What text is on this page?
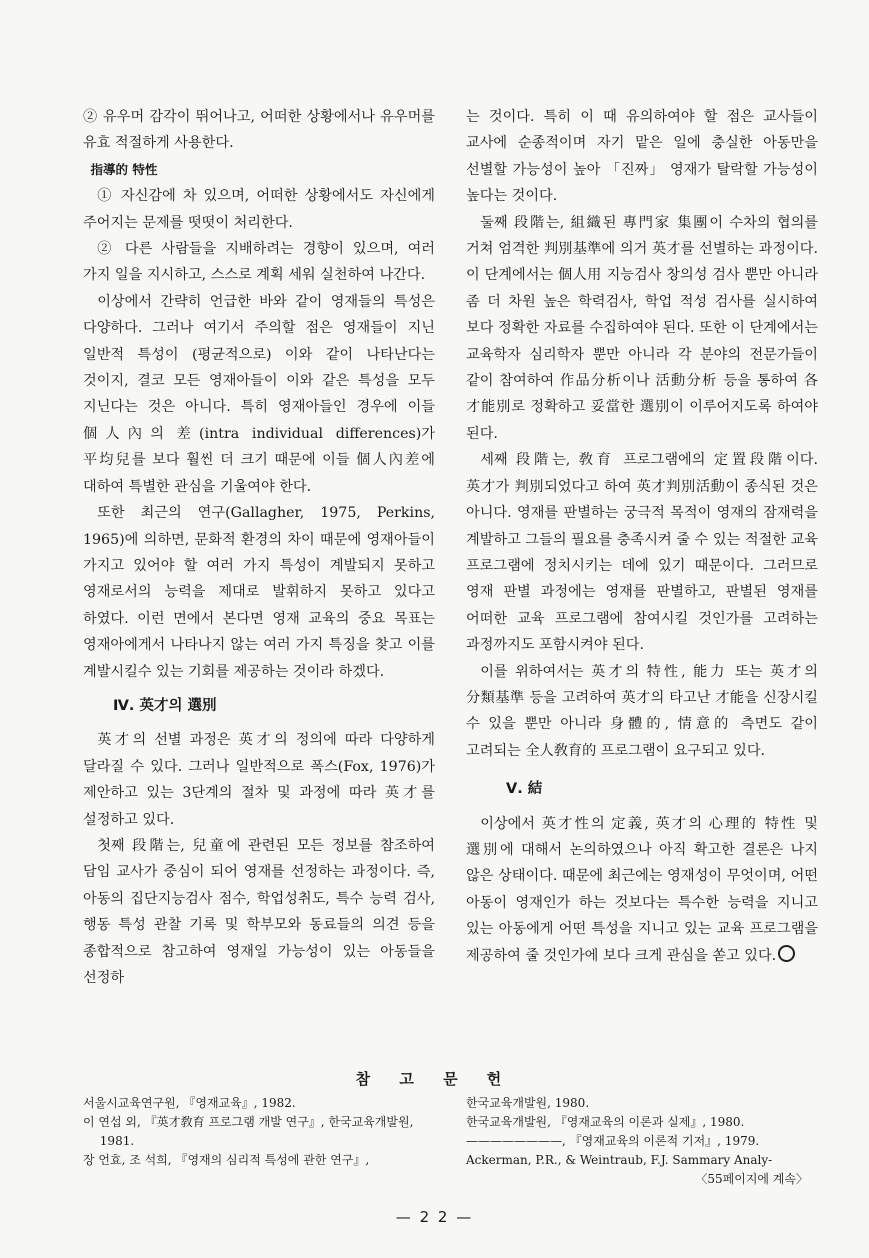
② 유우머 감각이 뛰어나고, 어떠한 상황에서나 유우머를 유효 적절하게 사용한다.

指導的 特性

① 자신감에 차 있으며, 어떠한 상황에서도 자신에게 주어지는 문제를 떳떳이 처리한다.

② 다른 사람들을 지배하려는 경향이 있으며, 여러 가지 일을 지시하고, 스스로 계획 세워 실천하여 나간다.

이상에서 간략히 언급한 바와 같이 영재들의 특성은 다양하다. 그러나 여기서 주의할 점은 영재들이 지닌 일반적 특성이 (평균적으로) 이와 같이 나타난다는 것이지, 결코 모든 영재아들이 이와 같은 특성을 모두 지닌다는 것은 아니다. 특히 영재아들인 경우에 이들 個人內의 差(intra individual differences)가 平均兒를 보다 훨씬 더 크기 때문에 이들 個人內差에 대하여 특별한 관심을 기울여야 한다.

또한 최근의 연구(Gallagher, 1975, Perkins, 1965)에 의하면, 문화적 환경의 차이 때문에 영재아들이 가지고 있어야 할 여러 가지 특성이 계발되지 못하고 영재로서의 능력을 제대로 발휘하지 못하고 있다고 하였다. 이런 면에서 본다면 영재 교육의 중요 목표는 영재아에게서 나타나지 않는 여러 가지 특징을 찾고 이를 계발시킬수 있는 기회를 제공하는 것이라 하겠다.

Ⅳ. 英才의 選別

英才의 선별 과정은 英才의 정의에 따라 다양하게 달라질 수 있다. 그러나 일반적으로 폭스(Fox, 1976)가 제안하고 있는 3단계의 절차 및 과정에 따라 英才를 설정하고 있다.

첫째 段階는, 兒童에 관련된 모든 정보를 참조하여 담임 교사가 중심이 되어 영재를 선정하는 과정이다. 즉, 아동의 집단지능검사 점수, 학업성취도, 특수 능력 검사, 행동 특성 관찰 기록 및 학부모와 동료들의 의견 등을 종합적으로 참고하여 영재일 가능성이 있는 아동들을 선정하

는 것이다. 특히 이 때 유의하여야 할 점은 교사들이 교사에 순종적이며 자기 맡은 일에 충실한 아동만을 선별할 가능성이 높아 「진짜」 영재가 탈락할 가능성이 높다는 것이다.

둘째 段階는, 組織된 專門家 集團이 수차의 협의를 거쳐 엄격한 判別基準에 의거 英才를 선별하는 과정이다. 이 단계에서는 個人用 지능검사 창의성 검사 뿐만 아니라 좀 더 차원 높은 학력검사, 학업 적성 검사를 실시하여 보다 정확한 자료를 수집하여야 된다. 또한 이 단계에서는 교육학자 심리학자 뿐만 아니라 각 분야의 전문가들이 같이 참여하여 作品分析이나 活動分析 등을 통하여 各 才能別로 정확하고 妥當한 選別이 이루어지도록 하여야 된다.

세째 段階는, 敎育 프로그램에의 定置段階이다. 英才가 判別되었다고 하여 英才判別活動이 종식된 것은 아니다. 영재를 판별하는 궁극적 목적이 영재의 잠재력을 계발하고 그들의 필요를 충족시켜 줄 수 있는 적절한 교육 프로그램에 정치시키는 데에 있기 때문이다. 그러므로 영재 판별 과정에는 영재를 판별하고, 판별된 영재를 어떠한 교육 프로그램에 참여시킬 것인가를 고려하는 과정까지도 포함시켜야 된다.

이를 위하여서는 英才의 特性, 能力 또는 英才의 分類基準 등을 고려하여 英才의 타고난 才能을 신장시킬 수 있을 뿐만 아니라 身體的, 情意的 측면도 같이 고려되는 全人敎育的 프로그램이 요구되고 있다.

Ⅴ. 結

이상에서 英才性의 定義, 英才의 心理的 特性 및 選別에 대해서 논의하였으나 아직 확고한 결론은 나지 않은 상태이다. 때문에 최근에는 영재성이 무엇이며, 어떤 아동이 영재인가 하는 것보다는 특수한 능력을 지니고 있는 아동에게 어떤 특성을 지니고 있는 교육 프로그램을 제공하여 줄 것인가에 보다 크게 관심을 쏟고 있다.

참 고 문 헌
서울시교육연구원, 『영재교육』, 1982.
이 연섭 외, 『英才敎育 프로그램 개발 연구』, 한국교육개발원, 1981.
장 언효, 조 석희, 『영재의 심리적 특성에 관한 연구』,
한국교육개발원, 1980.
한국교육개발원, 『영재교육의 이론과 실제』, 1980.
————————, 『영재교육의 이론적 기저』, 1979.
Ackerman, P.R., & Weintraub, F.J. Sammary Analy-
〈55페이지에 계속〉
— 2 2 —
